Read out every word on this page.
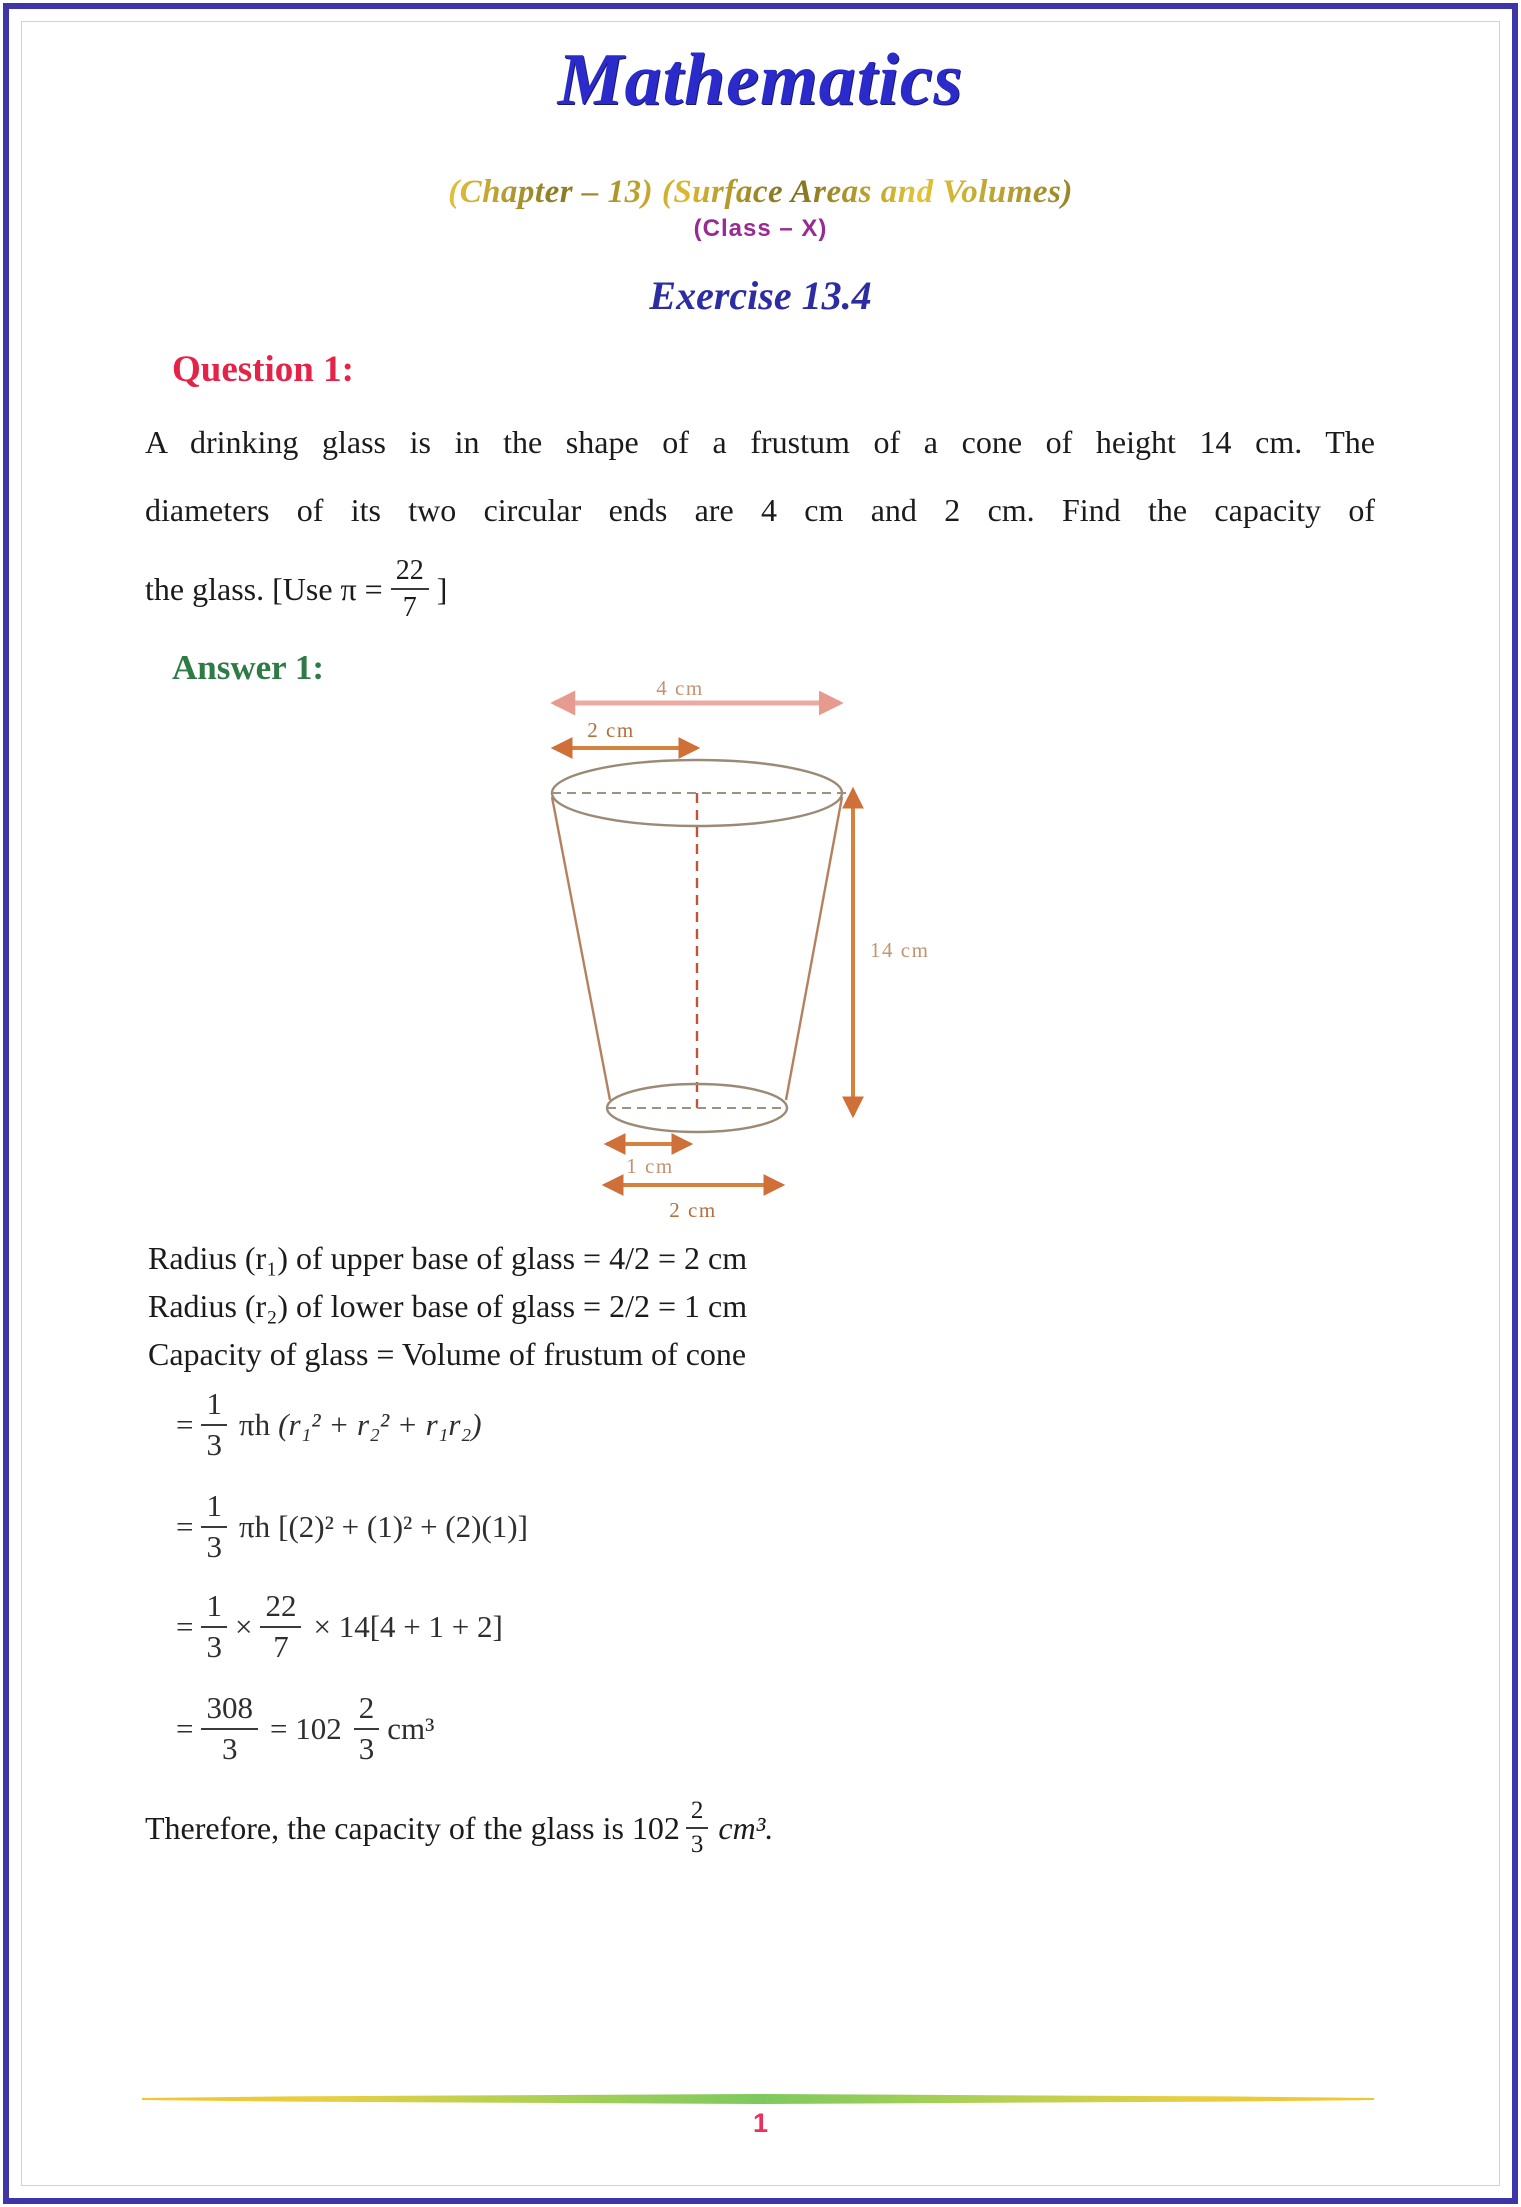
Mathematics
(Chapter – 13) (Surface Areas and Volumes)
(Class – X)
Exercise 13.4
Question 1:
A drinking glass is in the shape of a frustum of a cone of height 14 cm. The
diameters of its two circular ends are 4 cm and 2 cm. Find the capacity of
the glass. [Use $\pi = \frac{22}{7}$ ]
Answer 1:
4 cm
2 cm
14 cm
1 cm
2 cm
Radius (r₁) of upper base of glass = 4/2 = 2 cm
Radius (r₂) of lower base of glass = 2/2 = 1 cm
Capacity of glass = Volume of frustum of cone
= $\frac{1}{3}$ πh (r₁² + r₂² + r₁r₂)
= $\frac{1}{3}$ πh [(2)² + (1)² + (2)(1)]
= $\frac{1}{3} \times \frac{22}{7} \times 14[4 + 1 + 2]$
= $\frac{308}{3} = 102 \frac{2}{3} cm^3$
Therefore, the capacity of the glass is $102 \frac{2}{3} cm^3$.
1
